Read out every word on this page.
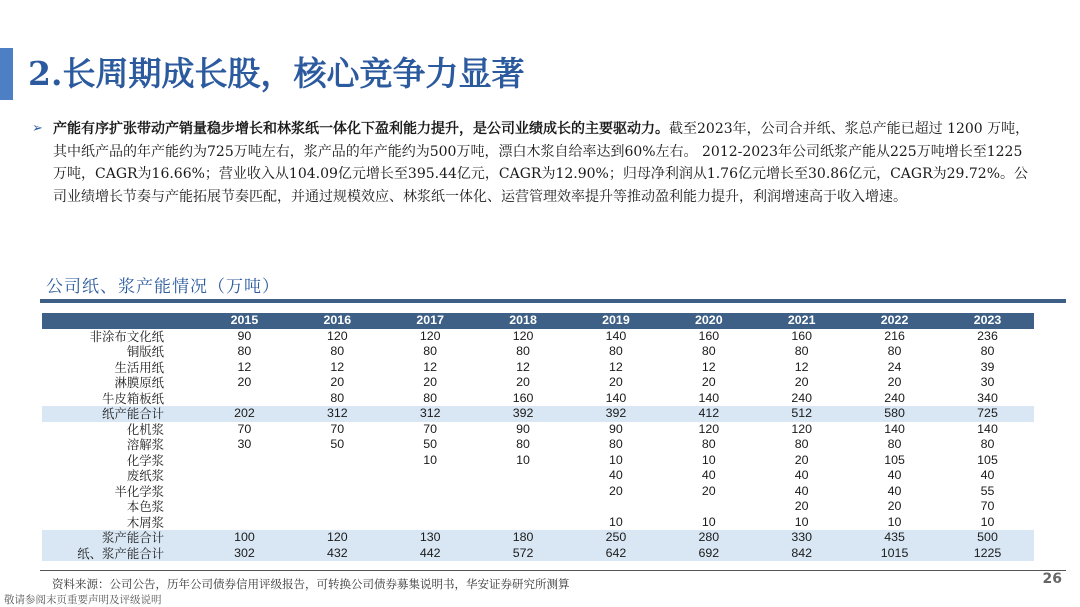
2.长周期成长股，核心竞争力显著
➢ 产能有序扩张带动产销量稳步增长和林浆纸一体化下盈利能力提升，是公司业绩成长的主要驱动力。截至2023年，公司合并纸、浆总产能已超过 1200 万吨，其中纸产品的年产能约为725万吨左右，浆产品的年产能约为500万吨，漂白木浆自给率达到60%左右。 2012-2023年公司纸浆产能从225万吨增长至1225万吨，CAGR为16.66%；营业收入从104.09亿元增长至395.44亿元，CAGR为12.90%；归母净利润从1.76亿元增长至30.86亿元，CAGR为29.72%。公司业绩增长节奏与产能拓展节奏匹配，并通过规模效应、林浆纸一体化、运营管理效率提升等推动盈利能力提升，利润增速高于收入增速。
公司纸、浆产能情况（万吨）
	2015	2016	2017	2018	2019	2020	2021	2022	2023
非涂布文化纸	90	120	120	120	140	160	160	216	236
铜版纸	80	80	80	80	80	80	80	80	80
生活用纸	12	12	12	12	12	12	12	24	39
淋膜原纸	20	20	20	20	20	20	20	20	30
牛皮箱板纸		80	80	160	140	140	240	240	340
纸产能合计	202	312	312	392	392	412	512	580	725
化机浆	70	70	70	90	90	120	120	140	140
溶解浆	30	50	50	80	80	80	80	80	80
化学浆			10	10	10	10	20	105	105
废纸浆					40	40	40	40	40
半化学浆					20	20	40	40	55
本色浆							20	20	70
木屑浆					10	10	10	10	10
浆产能合计	100	120	130	180	250	280	330	435	500
纸、浆产能合计	302	432	442	572	642	692	842	1015	1225
资料来源：公司公告，历年公司债券信用评级报告，可转换公司债券募集说明书，华安证券研究所测算
敬请参阅末页重要声明及评级说明
26
